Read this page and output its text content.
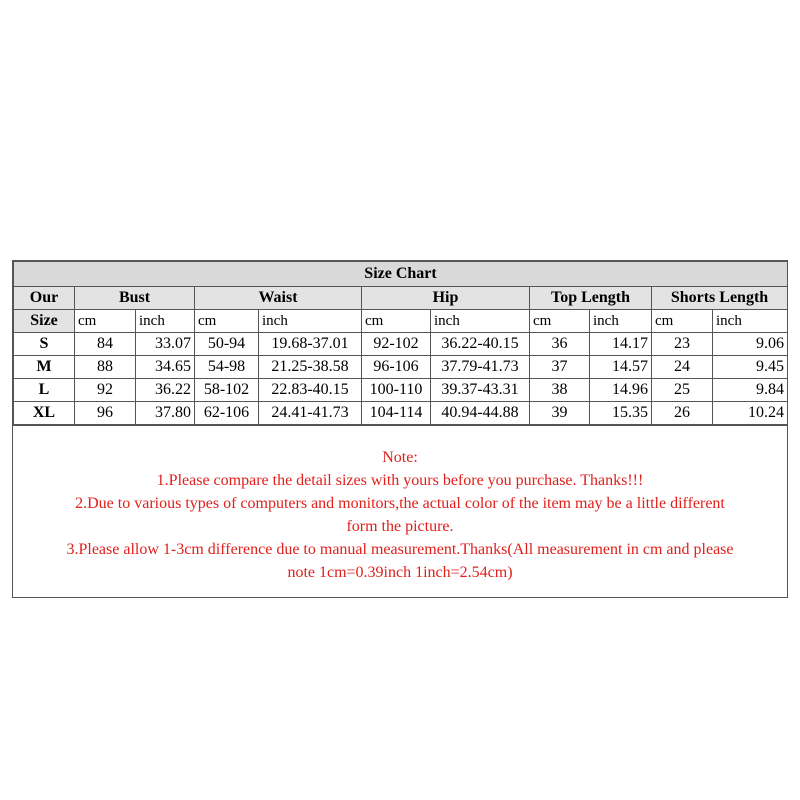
Size Chart										
Our	Bust		Waist		Hip		Top Length		Shorts Length	
Size	cm	inch	cm	inch	cm	inch	cm	inch	cm	inch
S	84	33.07	50-94	19.68-37.01	92-102	36.22-40.15	36	14.17	23	9.06
M	88	34.65	54-98	21.25-38.58	96-106	37.79-41.73	37	14.57	24	9.45
L	92	36.22	58-102	22.83-40.15	100-110	39.37-43.31	38	14.96	25	9.84
XL	96	37.80	62-106	24.41-41.73	104-114	40.94-44.88	39	15.35	26	10.24
Note:
1.Please compare the detail sizes with yours before you purchase. Thanks!!!
2.Due to various types of computers and monitors,the actual color of the item may be a little different
form the picture.
3.Please allow 1-3cm difference due to manual measurement.Thanks(All measurement in cm and please
note 1cm=0.39inch 1inch=2.54cm)
